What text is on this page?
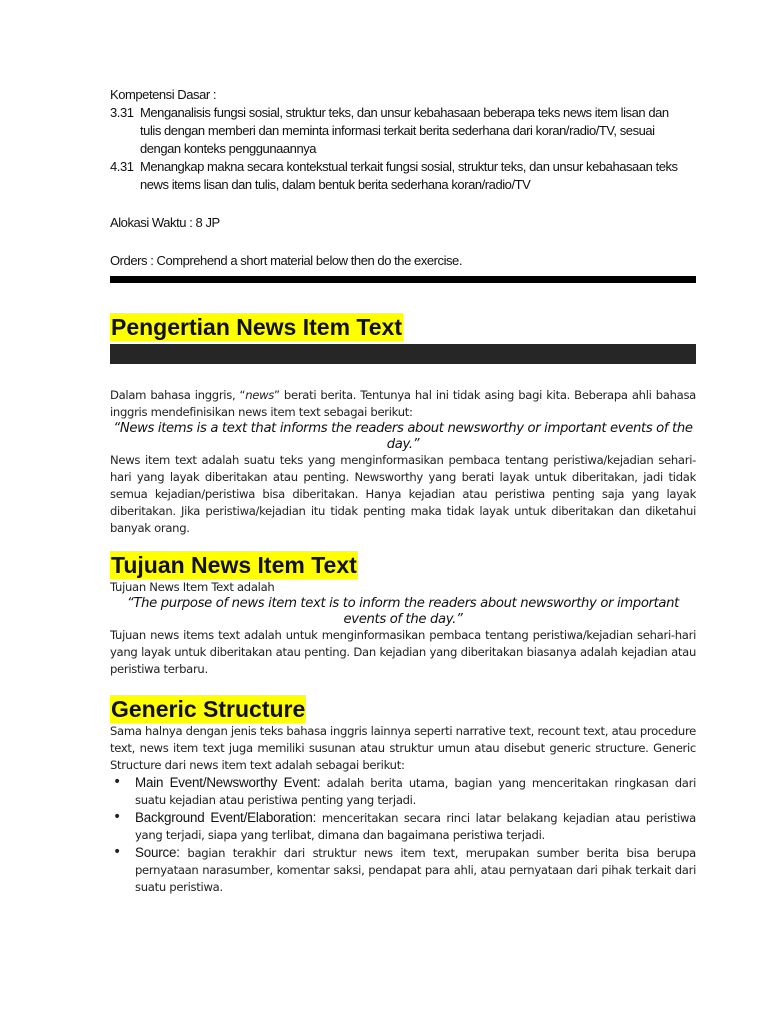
Kompetensi Dasar :

3.31 Menganalisis fungsi sosial, struktur teks, dan unsur kebahasaan beberapa teks news item lisan dan tulis dengan memberi dan meminta informasi terkait berita sederhana dari koran/radio/TV, sesuai dengan konteks penggunaannya
4.31 Menangkap makna secara kontekstual terkait fungsi sosial, struktur teks, dan unsur kebahasaan teks news items lisan dan tulis, dalam bentuk berita sederhana koran/radio/TV

Alokasi Waktu : 8 JP

Orders : Comprehend a short material below then do the exercise.

Pengertian News Item Text

Dalam bahasa inggris, “news” berati berita. Tentunya hal ini tidak asing bagi kita. Beberapa ahli bahasa inggris mendefinisikan news item text sebagai berikut:

“News items is a text that informs the readers about newsworthy or important events of the day.”

News item text adalah suatu teks yang menginformasikan pembaca tentang peristiwa/kejadian sehari-hari yang layak diberitakan atau penting. Newsworthy yang berati layak untuk diberitakan, jadi tidak semua kejadian/peristiwa bisa diberitakan. Hanya kejadian atau peristiwa penting saja yang layak diberitakan. Jika peristiwa/kejadian itu tidak penting maka tidak layak untuk diberitakan dan diketahui banyak orang.

Tujuan News Item Text

Tujuan News Item Text adalah

“The purpose of news item text is to inform the readers about newsworthy or important events of the day.”

Tujuan news items text adalah untuk menginformasikan pembaca tentang peristiwa/kejadian sehari-hari yang layak untuk diberitakan atau penting. Dan kejadian yang diberitakan biasanya adalah kejadian atau peristiwa terbaru.

Generic Structure

Sama halnya dengan jenis teks bahasa inggris lainnya seperti narrative text, recount text, atau procedure text, news item text juga memiliki susunan atau struktur umun atau disebut generic structure. Generic Structure dari news item text adalah sebagai berikut:

•	Main Event/Newsworthy Event: adalah berita utama, bagian yang menceritakan ringkasan dari suatu kejadian atau peristiwa penting yang terjadi.
•	Background Event/Elaboration: menceritakan secara rinci latar belakang kejadian atau peristiwa yang terjadi, siapa yang terlibat, dimana dan bagaimana peristiwa terjadi.
•	Source: bagian terakhir dari struktur news item text, merupakan sumber berita bisa berupa pernyataan narasumber, komentar saksi, pendapat para ahli, atau pernyataan dari pihak terkait dari suatu peristiwa.
